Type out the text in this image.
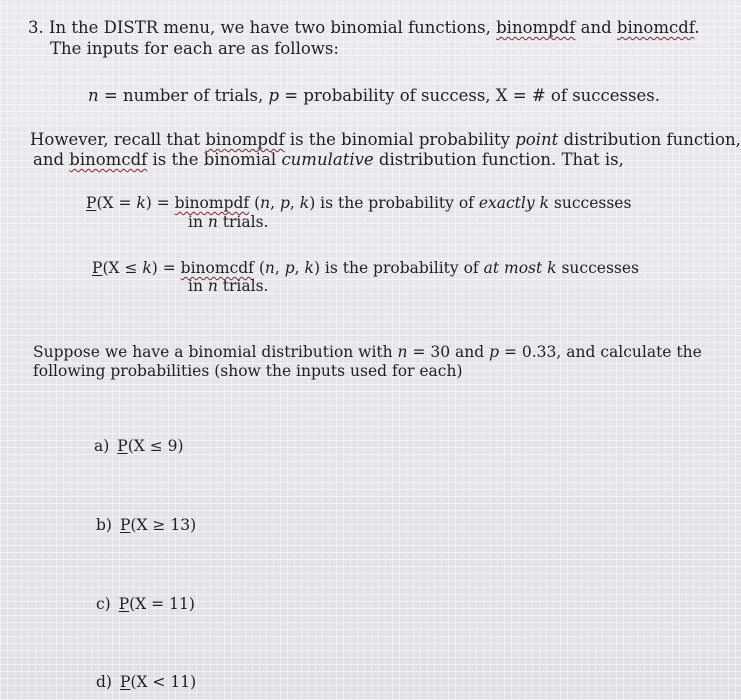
3. In the DISTR menu, we have two binomial functions, binompdf and binomcdf.
The inputs for each are as follows:
n = number of trials, p = probability of success, X = # of successes.
However, recall that binompdf is the binomial probability point distribution function,
and binomcdf is the binomial cumulative distribution function. That is,
P(X = k) = binompdf (n, p, k) is the probability of exactly k successes
in n trials.
P(X ≤ k) = binomcdf (n, p, k) is the probability of at most k successes
in n trials.
Suppose we have a binomial distribution with n = 30 and p = 0.33, and calculate the
following probabilities (show the inputs used for each)
a) P(X ≤ 9)
b) P(X ≥ 13)
c) P(X = 11)
d) P(X < 11)
